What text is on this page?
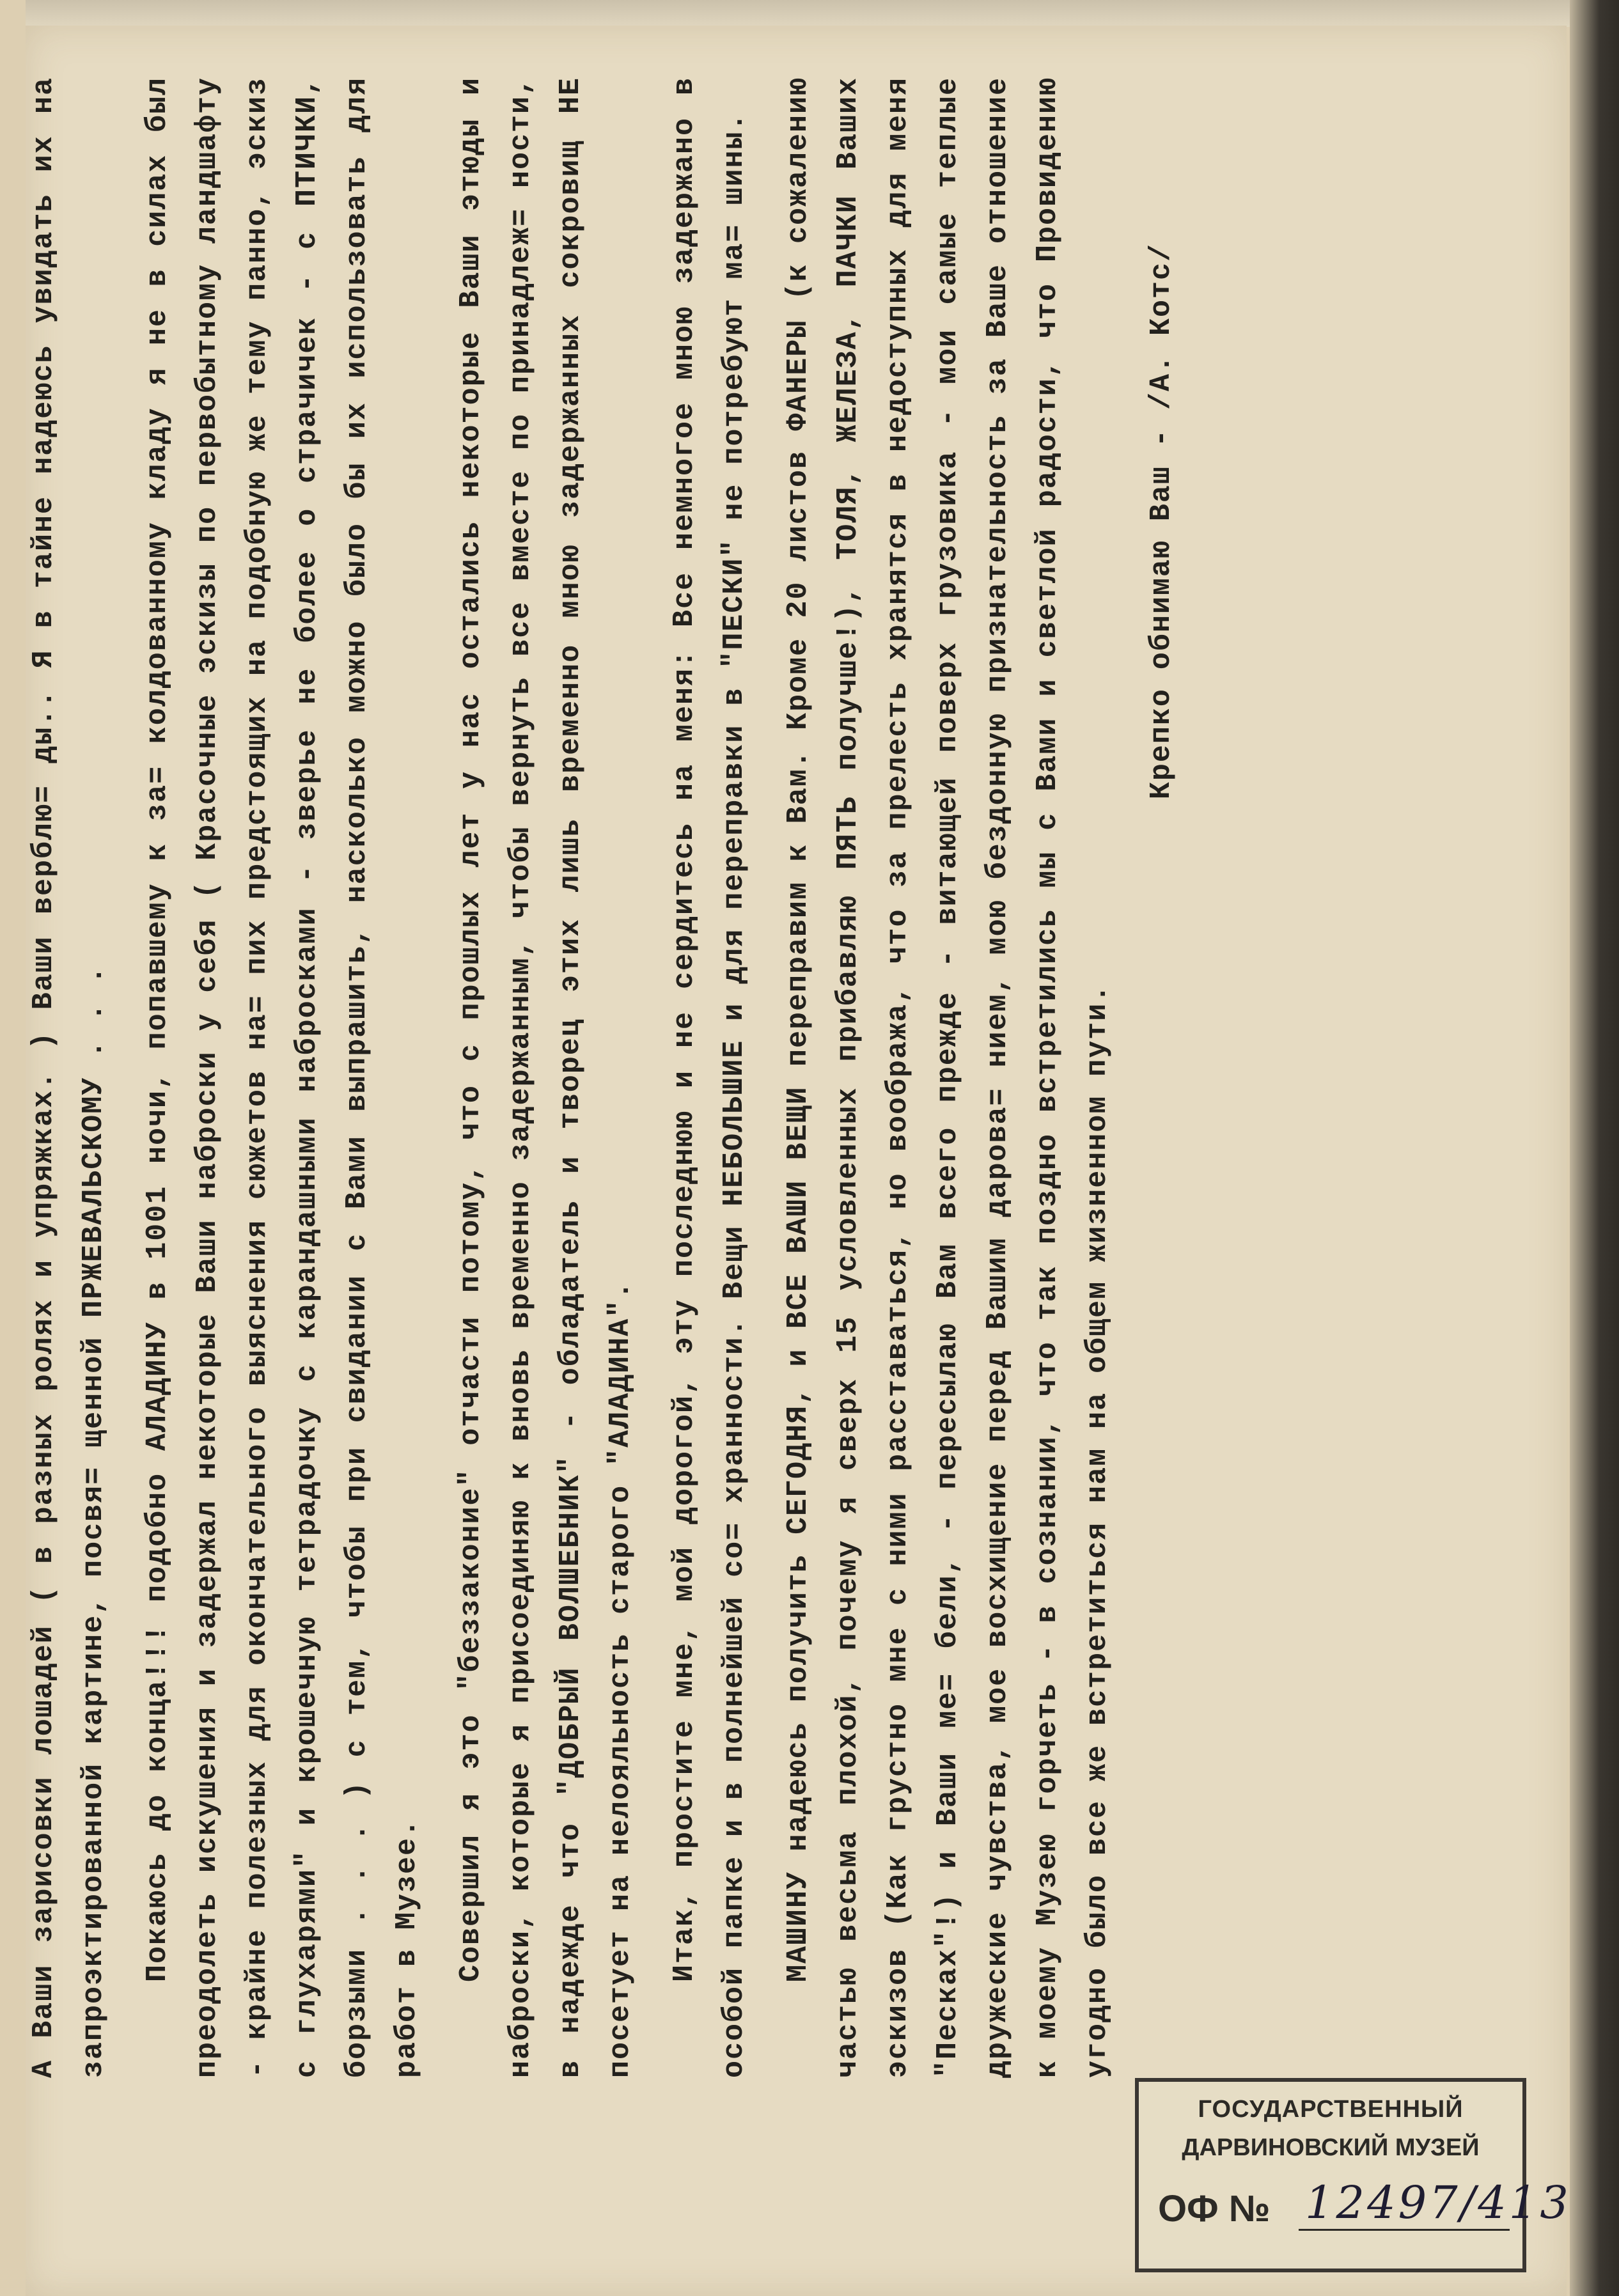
А Ваши зарисовки лошадей ( в разных ролях и упряжках. ) Ваши верблю= ды.. Я в тайне надеюсь увидать их на запроэктированной картине, посвя= щенной ПРЖЕВАЛЬСКОМУ . . .	Покаюсь до конца!!! подобно АЛАДИНУ в 1001 ночи, попавшему к за= колдованному кладу я не в силах был преодолеть искушения и задержал некоторые Ваши наброски у себя ( Красочные эскизы по первобытному ландшафту - крайне полезных для окончательного выяснения сюжетов на= пих предстоящих на подобную же тему панно, эскиз с глухарями" и крошечную тетрадочку с карандашными набросками - зверье не более о страчичек - с ПТИЧКИ, борзыми . . . ) с тем, чтобы при свидании с Вами выпрашить, насколько можно было бы их использовать для работ в Музее.	Совершил я это "беззаконие" отчасти потому, что с прошлых лет у нас остались некоторые Ваши этюды и наброски, которые я присоединяю к вновь временно задержанным, чтобы вернуть все вместе по принадлеж= ности, в надежде что "ДОБРЫЙ ВОЛШЕБНИК" - обладатель и творец этих лишь временно мною задержанных сокровищ НЕ посетует на нелояльность старого "АЛАДИНА".	Итак, простите мне, мой дорогой, эту последнюю и не сердитесь на меня: Все немногое мною задержано в особой папке и в полнейшей со= хранности. Вещи НЕБОЛЬШИЕ и для переправки в "ПЕСКИ" не потребуют ма= шины.	МАШИНУ надеюсь получить СЕГОДНЯ, и ВСЕ ВАШИ ВЕЩИ переправим к Вам. Кроме 20 листов ФАНЕРЫ (к сожалению частью весьма плохой, почему я сверх 15 условленных прибавляю ПЯТЬ получше!), ТОЛЯ, ЖЕЛЕЗА, ПАЧКИ Ваших эскизов (Как грустно мне с ними расставаться, но вообража, что за прелесть хранятся в недоступных для меня "Песках"!) и Ваши ме= бели, - пересылаю Вам всего прежде - витающей поверх грузовика - мои самые теплые дружеские чувства, мое восхищение перед Вашим дарова= нием, мою бездонную признательность за Ваше отношение к моему Музею горчеть - в сознании, что так поздно встретились мы с Вами и светлой радости, что Провидению угодно было все же встретиться нам на общем жизненном пути.

Крепко обнимаю Ваш - /А. Котс/

ГОСУДАРСТВЕННЫЙ
ДАРВИНОВСКИЙ МУЗЕЙ
ОФ № 12497/413
